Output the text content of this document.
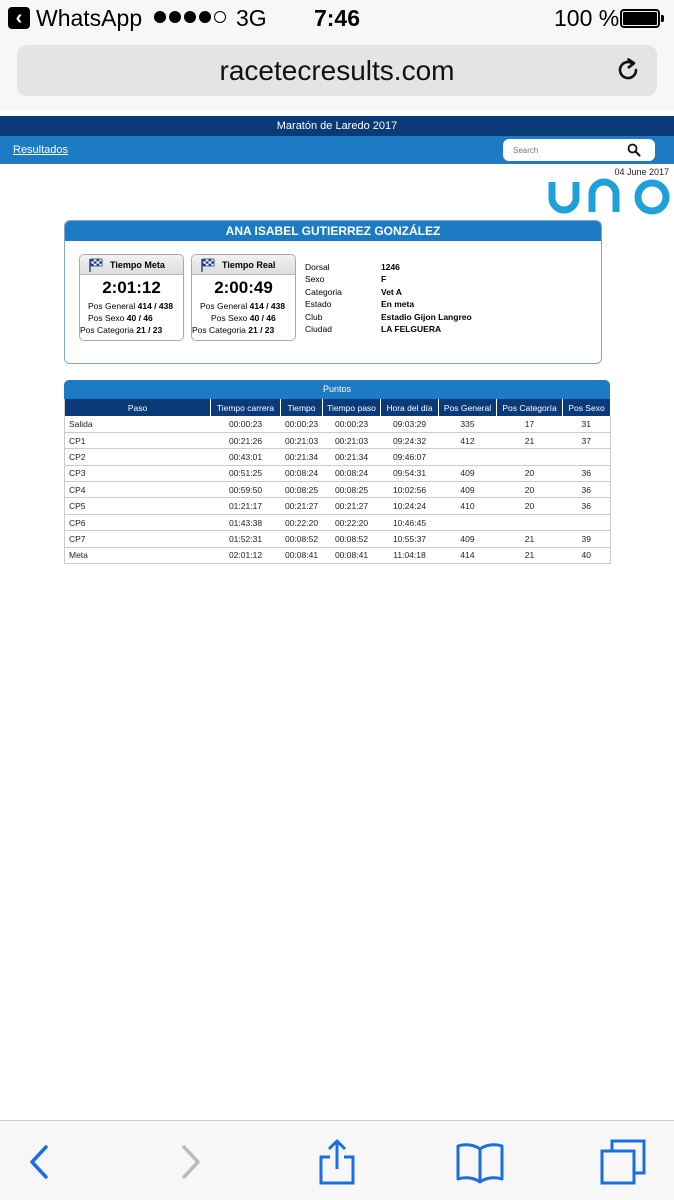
‹ WhatsApp	3G	7:46	100 %
racetecresults.com
Maratón de Laredo 2017
Resultados
Search
04 June 2017
ANA ISABEL GUTIERREZ GONZÁLEZ
Tiempo Meta
2:01:12
Pos General 414 / 438
Pos Sexo 40 / 46
Pos Categoria 21 / 23
Tiempo Real
2:00:49
Pos General 414 / 438
Pos Sexo 40 / 46
Pos Categoria 21 / 23
Dorsal	1246
Sexo	F
Categoria	Vet A
Estado	En meta
Club	Estadio Gijon Langreo
Ciudad	LA FELGUERA
Puntos
Paso	Tiempo carrera	Tiempo	Tiempo paso	Hora del día	Pos General	Pos Categoría	Pos Sexo
Salida	00:00:23	00:00:23	00:00:23	09:03:29	335	17	31
CP1	00:21:26	00:21:03	00:21:03	09:24:32	412	21	37
CP2	00:43:01	00:21:34	00:21:34	09:46:07			
CP3	00:51:25	00:08:24	00:08:24	09:54:31	409	20	36
CP4	00:59:50	00:08:25	00:08:25	10:02:56	409	20	36
CP5	01:21:17	00:21:27	00:21:27	10:24:24	410	20	36
CP6	01:43:38	00:22:20	00:22:20	10:46:45			
CP7	01:52:31	00:08:52	00:08:52	10:55:37	409	21	39
Meta	02:01:12	00:08:41	00:08:41	11:04:18	414	21	40
